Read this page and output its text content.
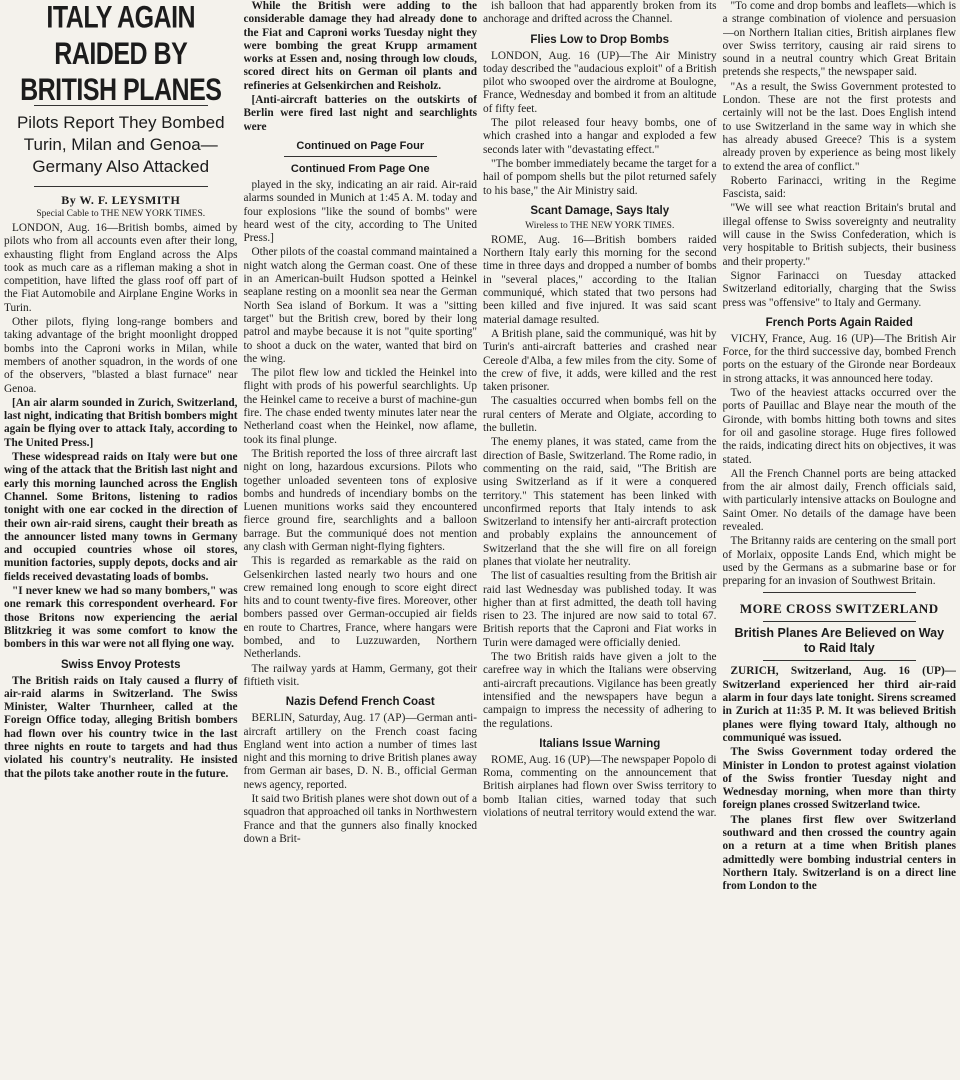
ITALY AGAIN RAIDED BY BRITISH PLANES
Pilots Report They Bombed Turin, Milan and Genoa—Germany Also Attacked
By W. F. LEYSMITH
Special Cable to THE NEW YORK TIMES.

LONDON, Aug. 16—British bombs, aimed by pilots who from all accounts even after their long, exhausting flight from England across the Alps took as much care as a rifleman making a shot in competition, have lifted the glass roof off part of the Fiat Automobile and Airplane Engine Works in Turin.

Other pilots, flying long-range bombers and taking advantage of the bright moonlight dropped bombs into the Caproni works in Milan, while members of another squadron, in the words of one of the observers, "blasted a blast furnace" near Genoa.

[An air alarm sounded in Zurich, Switzerland, last night, indicating that British bombers might again be flying over to attack Italy, according to The United Press.]

These widespread raids on Italy were but one wing of the attack that the British last night and early this morning launched across the English Channel. Some Britons, listening to radios tonight with one ear cocked in the direction of their own air-raid sirens, caught their breath as the announcer listed many towns in Germany and occupied countries whose oil stores, munition factories, supply depots, docks and air fields received devastating loads of bombs.

"I never knew we had so many bombers," was one remark this correspondent overheard. For those Britons now experiencing the aerial Blitzkrieg it was some comfort to know the bombers in this war were not all flying one way.

Swiss Envoy Protests

The British raids on Italy caused a flurry of air-raid alarms in Switzerland. The Swiss Minister, Walter Thurnheer, called at the Foreign Office today, alleging British bombers had flown over his country twice in the last three nights en route to targets and had thus violated his country's neutrality. He insisted that the pilots take another route in the future.

While the British were adding to the considerable damage they had already done to the Fiat and Caproni works Tuesday night they were bombing the great Krupp armament works at Essen and, nosing through low clouds, scored direct hits on German oil plants and refineries at Gelsenkirchen and Reisholz.

[Anti-aircraft batteries on the outskirts of Berlin were fired last night and searchlights were

Continued on Page Four
Continued From Page One

played in the sky, indicating an air raid. Air-raid alarms sounded in Munich at 1:45 A. M. today and four explosions "like the sound of bombs" were heard west of the city, according to The United Press.]

Other pilots of the coastal command maintained a night watch along the German coast. One of these in an American-built Hudson spotted a Heinkel seaplane resting on a moonlit sea near the German North Sea island of Borkum. It was a "sitting target" but the British crew, bored by their long patrol and maybe because it is not "quite sporting" to shoot a duck on the water, wanted that bird on the wing.

The pilot flew low and tickled the Heinkel into flight with prods of his powerful searchlights. Up the Heinkel came to receive a burst of machine-gun fire. The chase ended twenty minutes later near the Netherland coast when the Heinkel, now aflame, took its final plunge.

The British reported the loss of three aircraft last night on long, hazardous excursions. Pilots who together unloaded seventeen tons of explosive bombs and hundreds of incendiary bombs on the Luenen munitions works said they encountered fierce ground fire, searchlights and a balloon barrage. But the communiqué does not mention any clash with German night-flying fighters.

This is regarded as remarkable as the raid on Gelsenkirchen lasted nearly two hours and one crew remained long enough to score eight direct hits and to count twenty-five fires. Moreover, other bombers passed over German-occupied air fields en route to Chartres, France, where hangars were bombed, and to Luzzuwarden, Northern Netherlands.

The railway yards at Hamm, Germany, got their fiftieth visit.

Nazis Defend French Coast

BERLIN, Saturday, Aug. 17 (AP)—German anti-aircraft artillery on the French coast facing England went into action a number of times last night and this morning to drive British planes away from German air bases, D. N. B., official German news agency, reported.

It said two British planes were shot down out of a squadron that approached oil tanks in Northwestern France and that the gunners also finally knocked down a Brit-

ish balloon that had apparently broken from its anchorage and drifted across the Channel.

Flies Low to Drop Bombs

LONDON, Aug. 16 (UP)—The Air Ministry today described the "audacious exploit" of a British pilot who swooped over the airdrome at Boulogne, France, Wednesday and bombed it from an altitude of fifty feet.

The pilot released four heavy bombs, one of which crashed into a hangar and exploded a few seconds later with "devastating effect."

"The bomber immediately became the target for a hail of pompom shells but the pilot returned safely to his base," the Air Ministry said.

Scant Damage, Says Italy
Wireless to THE NEW YORK TIMES.

ROME, Aug. 16—British bombers raided Northern Italy early this morning for the second time in three days and dropped a number of bombs in "several places," according to the Italian communiqué, which stated that two persons had been killed and five injured. It was said scant material damage resulted.

A British plane, said the communiqué, was hit by Turin's anti-aircraft batteries and crashed near Cereole d'Alba, a few miles from the city. Some of the crew of five, it adds, were killed and the rest taken prisoner.

The casualties occurred when bombs fell on the rural centers of Merate and Olgiate, according to the bulletin.

The enemy planes, it was stated, came from the direction of Basle, Switzerland. The Rome radio, in commenting on the raid, said, "The British are using Switzerland as if it were a conquered territory." This statement has been linked with unconfirmed reports that Italy intends to ask Switzerland to intensify her anti-aircraft protection and probably explains the announcement of Switzerland that the she will fire on all foreign planes that violate her neutrality.

The list of casualties resulting from the British air raid last Wednesday was published today. It was higher than at first admitted, the death toll having risen to 23. The injured are now said to total 67. British reports that the Caproni and Fiat works in Turin were damaged were officially denied.

The two British raids have given a jolt to the carefree way in which the Italians were observing anti-aircraft precautions. Vigilance has been greatly intensified and the newspapers have begun a campaign to impress the necessity of adhering to the regulations.

Italians Issue Warning

ROME, Aug. 16 (UP)—The newspaper Popolo di Roma, commenting on the announcement that British airplanes had flown over Swiss territory to bomb Italian cities, warned today that such violations of neutral territory would extend the war.

"To come and drop bombs and leaflets—which is a strange combination of violence and persuasion—on Northern Italian cities, British airplanes flew over Swiss territory, causing air raid sirens to sound in a neutral country which Great Britain pretends she respects," the newspaper said.

"As a result, the Swiss Government protested to London. These are not the first protests and certainly will not be the last. Does English intend to use Switzerland in the same way in which she has already abused Greece? This is a system already proven by experience as being most likely to extend the area of conflict."

Roberto Farinacci, writing in the Regime Fascista, said:

"We will see what reaction Britain's brutal and illegal offense to Swiss sovereignty and neutrality will cause in the Swiss Confederation, which is very hospitable to British subjects, their business and their property."

Signor Farinacci on Tuesday attacked Switzerland editorially, charging that the Swiss press was "offensive" to Italy and Germany.

French Ports Again Raided

VICHY, France, Aug. 16 (UP)—The British Air Force, for the third successive day, bombed French ports on the estuary of the Gironde near Bordeaux in strong attacks, it was announced here today.

Two of the heaviest attacks occurred over the ports of Pauillac and Blaye near the mouth of the Gironde, with bombs hitting both towns and sites for oil and gasoline storage. Huge fires followed the raids, indicating direct hits on objectives, it was stated.

All the French Channel ports are being attacked from the air almost daily, French officials said, with particularly intensive attacks on Boulogne and Saint Omer. No details of the damage have been revealed.

The Britanny raids are centering on the small port of Morlaix, opposite Lands End, which might be used by the Germans as a submarine base or for preparing for an invasion of Southwest Britain.

MORE CROSS SWITZERLAND
British Planes Are Believed on Way to Raid Italy

ZURICH, Switzerland, Aug. 16 (UP)—Switzerland experienced her third air-raid alarm in four days late tonight. Sirens screamed in Zurich at 11:35 P. M. It was believed British planes were flying toward Italy, although no communiqué was issued.

The Swiss Government today ordered the Minister in London to protest against violation of the Swiss frontier Tuesday night and Wednesday morning, when more than thirty foreign planes crossed Switzerland twice.

The planes first flew over Switzerland southward and then crossed the country again on a return at a time when British planes admittedly were bombing industrial centers in Northern Italy. Switzerland is on a direct line from London to the
